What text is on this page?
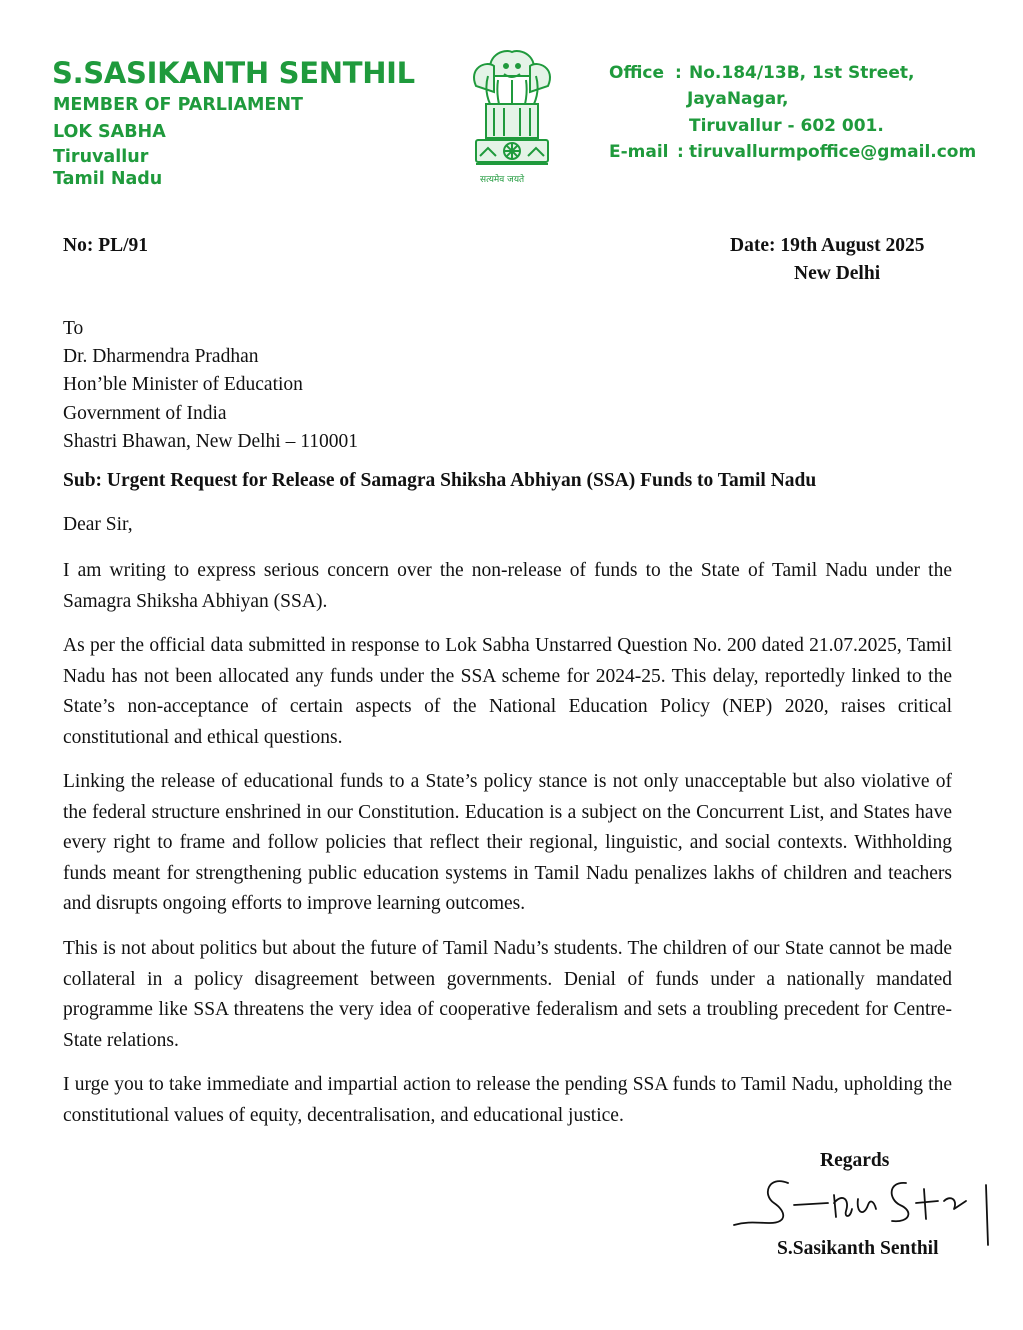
S.SASIKANTH SENTHIL
MEMBER OF PARLIAMENT
LOK SABHA
Tiruvallur
Tamil Nadu	सत्यमेव जयते
Office : No.184/13B, 1st Street,
JayaNagar,
Tiruvallur - 602 001.
E-mail : tiruvallurmpoffice@gmail.com
No: PL/91	Date: 19th August 2025
New Delhi
To
Dr. Dharmendra Pradhan
Hon’ble Minister of Education
Government of India
Shastri Bhawan, New Delhi – 110001
Sub: Urgent Request for Release of Samagra Shiksha Abhiyan (SSA) Funds to Tamil Nadu
Dear Sir,

I am writing to express serious concern over the non-release of funds to the State of Tamil Nadu under the Samagra Shiksha Abhiyan (SSA).

As per the official data submitted in response to Lok Sabha Unstarred Question No. 200 dated 21.07.2025, Tamil Nadu has not been allocated any funds under the SSA scheme for 2024-25. This delay, reportedly linked to the State’s non-acceptance of certain aspects of the National Education Policy (NEP) 2020, raises critical constitutional and ethical questions.

Linking the release of educational funds to a State’s policy stance is not only unacceptable but also violative of the federal structure enshrined in our Constitution. Education is a subject on the Concurrent List, and States have every right to frame and follow policies that reflect their regional, linguistic, and social contexts. Withholding funds meant for strengthening public education systems in Tamil Nadu penalizes lakhs of children and teachers and disrupts ongoing efforts to improve learning outcomes.

This is not about politics but about the future of Tamil Nadu’s students. The children of our State cannot be made collateral in a policy disagreement between governments. Denial of funds under a nationally mandated programme like SSA threatens the very idea of cooperative federalism and sets a troubling precedent for Centre-State relations.

I urge you to take immediate and impartial action to release the pending SSA funds to Tamil Nadu, upholding the constitutional values of equity, decentralisation, and educational justice.

Regards
S.Sasikanth Senthil
